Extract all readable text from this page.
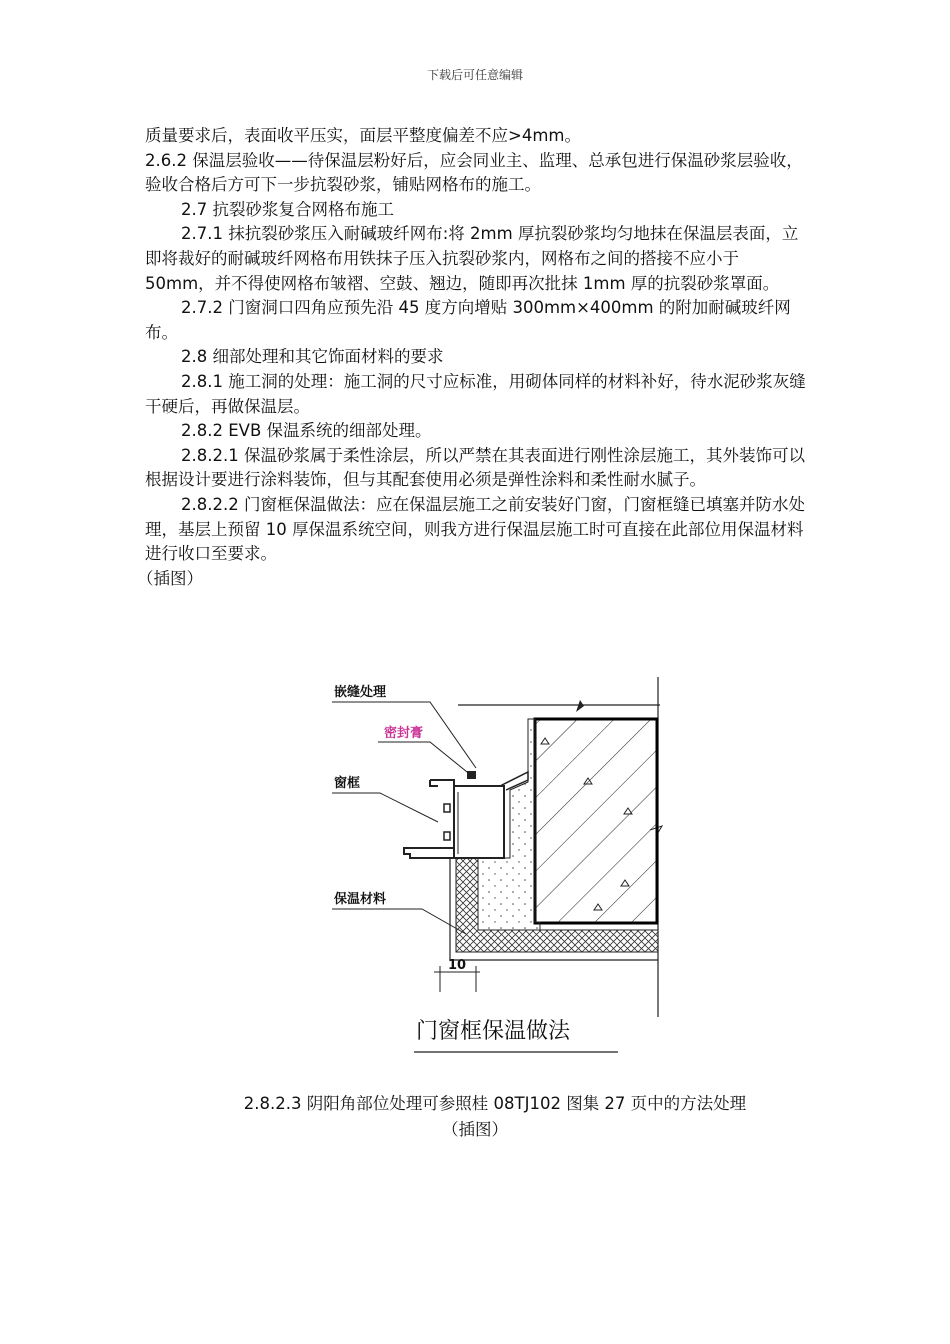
下载后可任意编辑

质量要求后，表面收平压实，面层平整度偏差不应>4mm。

2.6.2 保温层验收——待保温层粉好后，应会同业主、监理、总承包进行保温砂浆层验收，验收合格后方可下一步抗裂砂浆，铺贴网格布的施工。

2.7 抗裂砂浆复合网格布施工

2.7.1 抹抗裂砂浆压入耐碱玻纤网布:将 2mm 厚抗裂砂浆均匀地抹在保温层表面，立即将裁好的耐碱玻纤网格布用铁抹子压入抗裂砂浆内，网格布之间的搭接不应小于 50mm，并不得使网格布皱褶、空鼓、翘边，随即再次批抹 1mm 厚的抗裂砂浆罩面。

2.7.2 门窗洞口四角应预先沿 45 度方向增贴 300mm×400mm 的附加耐碱玻纤网布。

2.8 细部处理和其它饰面材料的要求

2.8.1 施工洞的处理：施工洞的尺寸应标准，用砌体同样的材料补好，待水泥砂浆灰缝干硬后，再做保温层。

2.8.2 EVB 保温系统的细部处理。

2.8.2.1 保温砂浆属于柔性涂层，所以严禁在其表面进行刚性涂层施工，其外装饰可以根据设计要进行涂料装饰，但与其配套使用必须是弹性涂料和柔性耐水腻子。

2.8.2.2 门窗框保温做法：应在保温层施工之前安装好门窗，门窗框缝已填塞并防水处理，基层上预留 10 厚保温系统空间，则我方进行保温层施工时可直接在此部位用保温材料进行收口至要求。

（插图）

嵌缝处理
密封膏
窗框
保温材料
10
门窗框保温做法
2.8.2.3 阴阳角部位处理可参照桂 08TJ102 图集 27 页中的方法处理
（插图）
